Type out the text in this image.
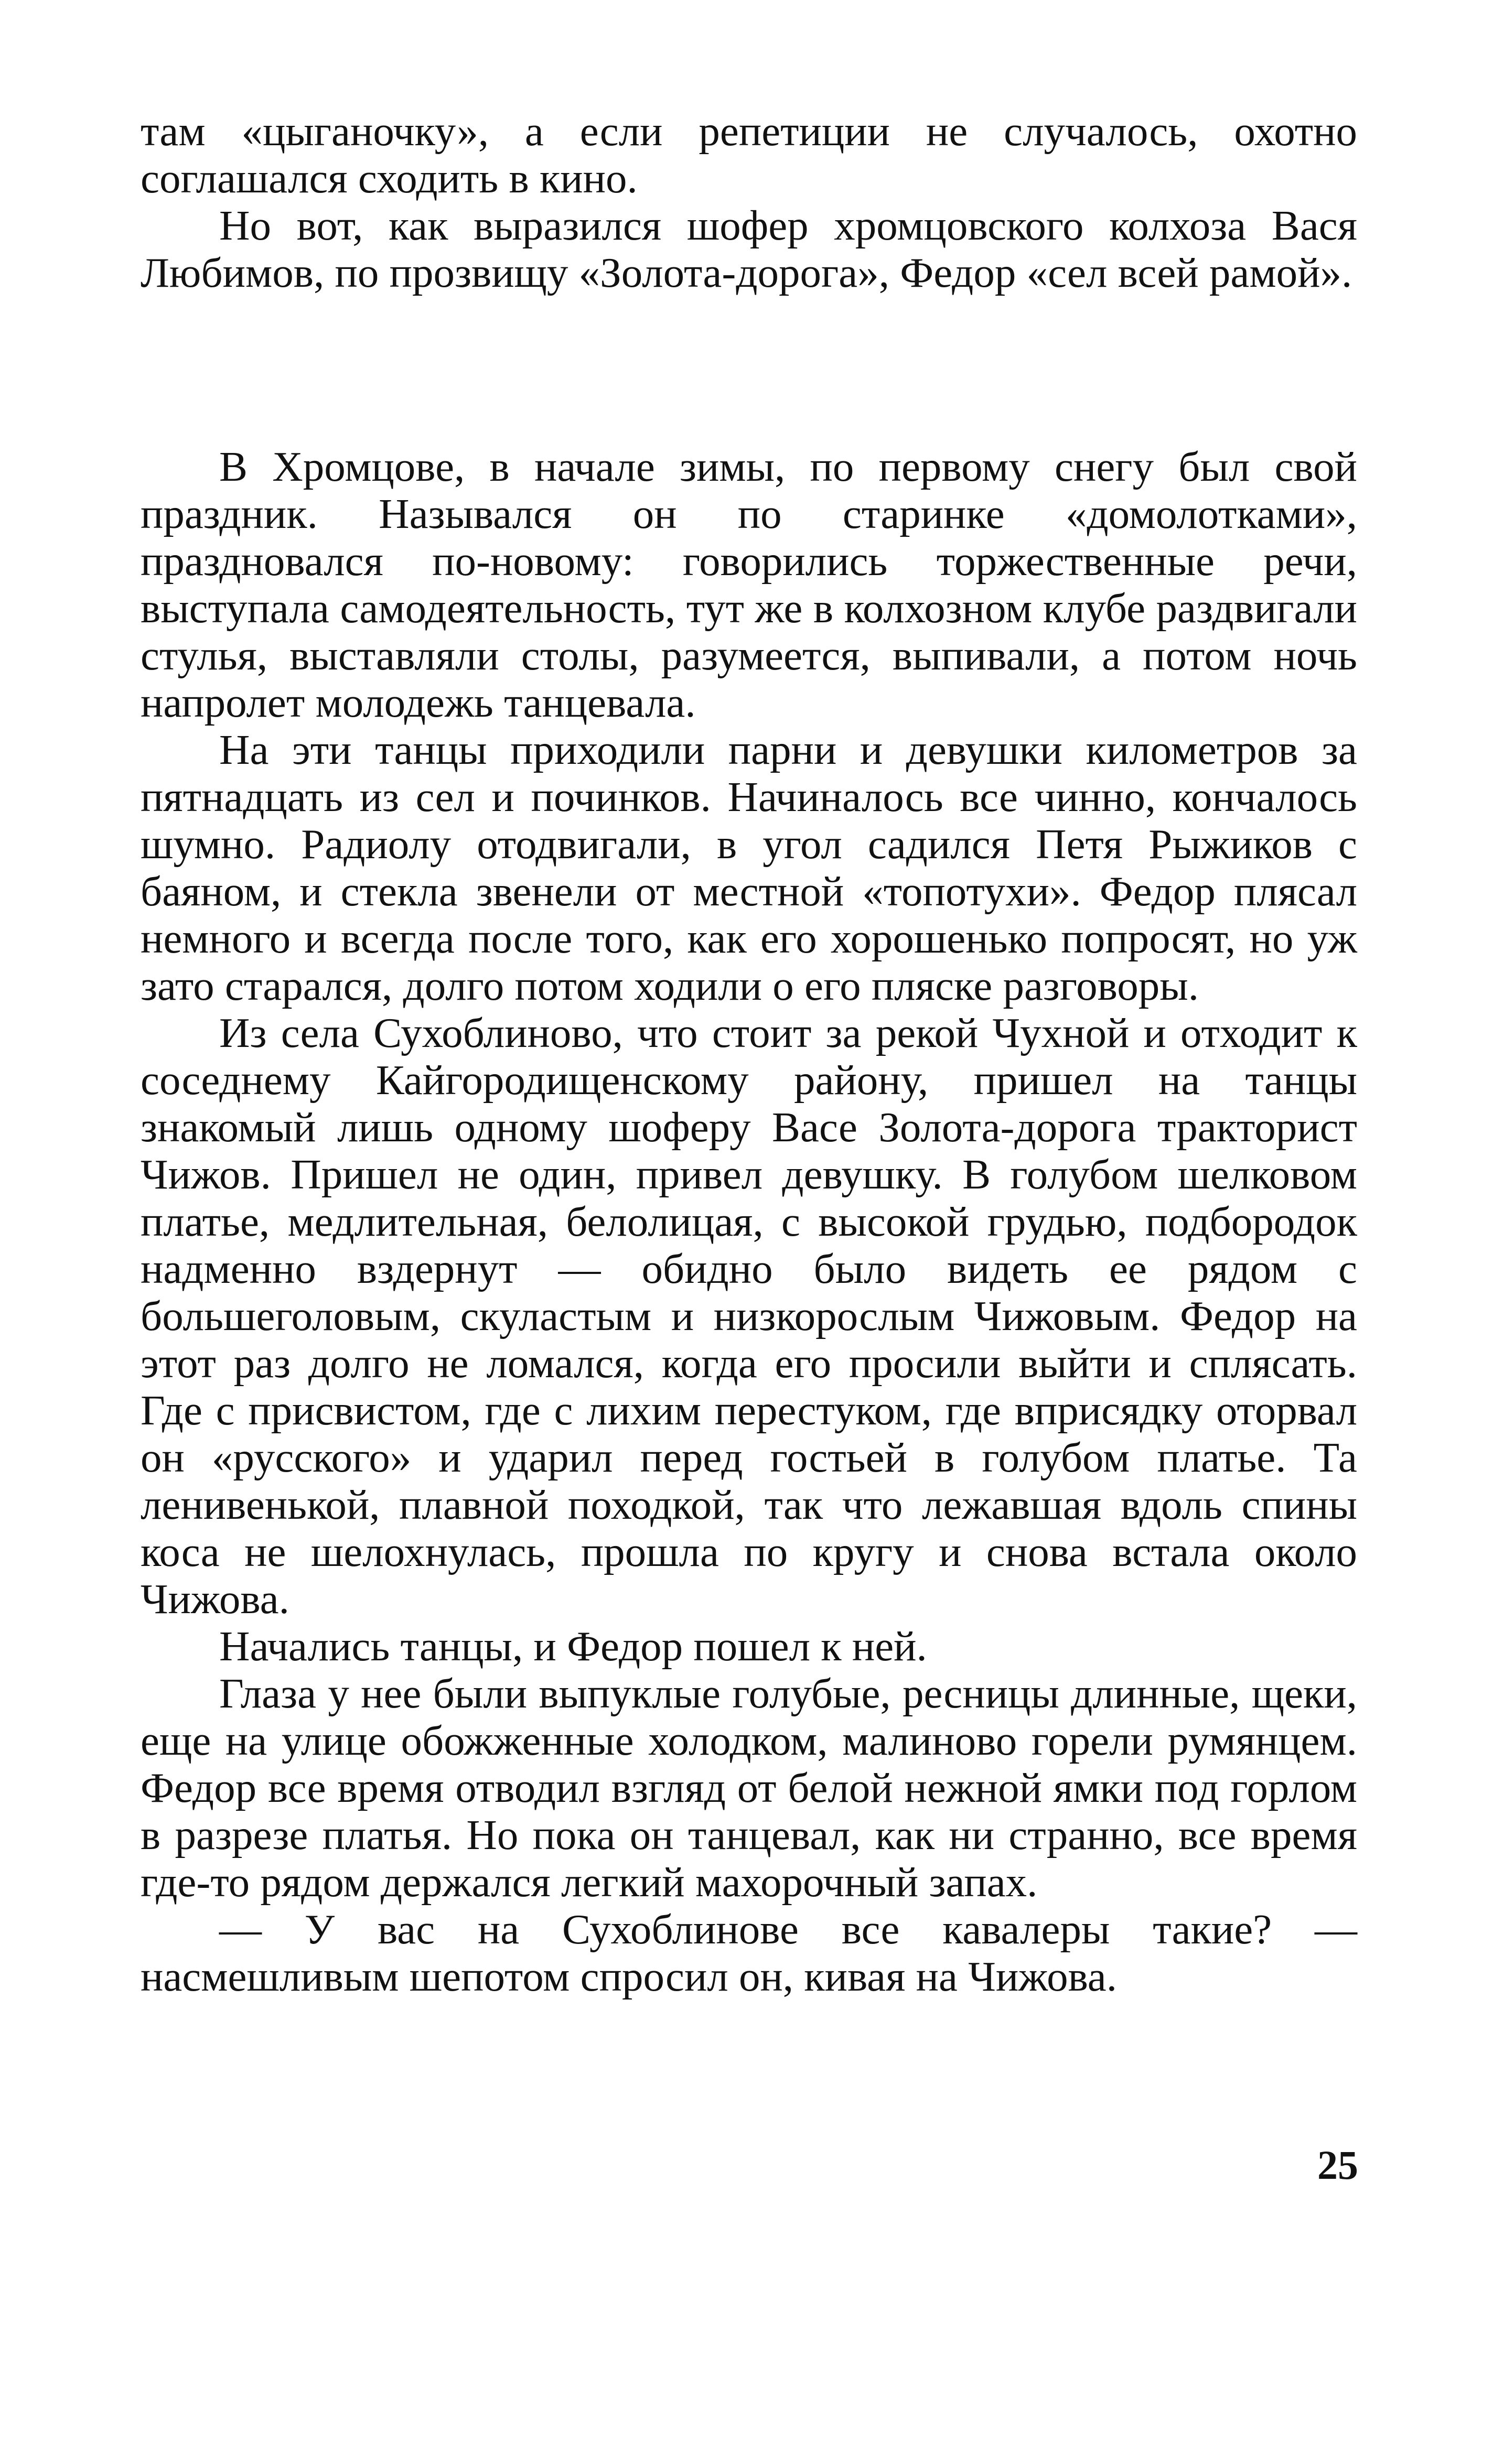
там «цыганочку», а если репетиции не случалось, охотно соглашался сходить в кино.

Но вот, как выразился шофер хромцовского колхоза Вася Любимов, по прозвищу «Золота-дорога», Федор «сел всей рамой».

В Хромцове, в начале зимы, по первому снегу был свой праздник. Назывался он по старинке «домолотками», праздновался по-новому: говорились торжественные речи, выступала самодеятельность, тут же в колхозном клубе раздвигали стулья, выставляли столы, разумеется, выпивали, а потом ночь напролет молодежь танцевала.

На эти танцы приходили парни и девушки километров за пятнадцать из сел и починков. Начиналось все чинно, кончалось шумно. Радиолу отодвигали, в угол садился Петя Рыжиков с баяном, и стекла звенели от местной «топотухи». Федор плясал немного и всегда после того, как его хорошенько попросят, но уж зато старался, долго потом ходили о его пляске разговоры.

Из села Сухоблиново, что стоит за рекой Чухной и отходит к соседнему Кайгородищенскому району, пришел на танцы знакомый лишь одному шоферу Васе Золота-дорога тракторист Чижов. Пришел не один, привел девушку. В голубом шелковом платье, медлительная, белолицая, с высокой грудью, подбородок надменно вздернут — обидно было видеть ее рядом с большеголовым, скуластым и низкорослым Чижовым. Федор на этот раз долго не ломался, когда его просили выйти и сплясать. Где с присвистом, где с лихим перестуком, где вприсядку оторвал он «русского» и ударил перед гостьей в голубом платье. Та ленивенькой, плавной походкой, так что лежавшая вдоль спины коса не шелохнулась, прошла по кругу и снова встала около Чижова.

Начались танцы, и Федор пошел к ней.

Глаза у нее были выпуклые голубые, ресницы длинные, щеки, еще на улице обожженные холодком, малиново горели румянцем. Федор все время отводил взгляд от белой нежной ямки под горлом в разрезе платья. Но пока он танцевал, как ни странно, все время где-то рядом держался легкий махорочный запах.

— У вас на Сухоблинове все кавалеры такие? — насмешливым шепотом спросил он, кивая на Чижова.

25
